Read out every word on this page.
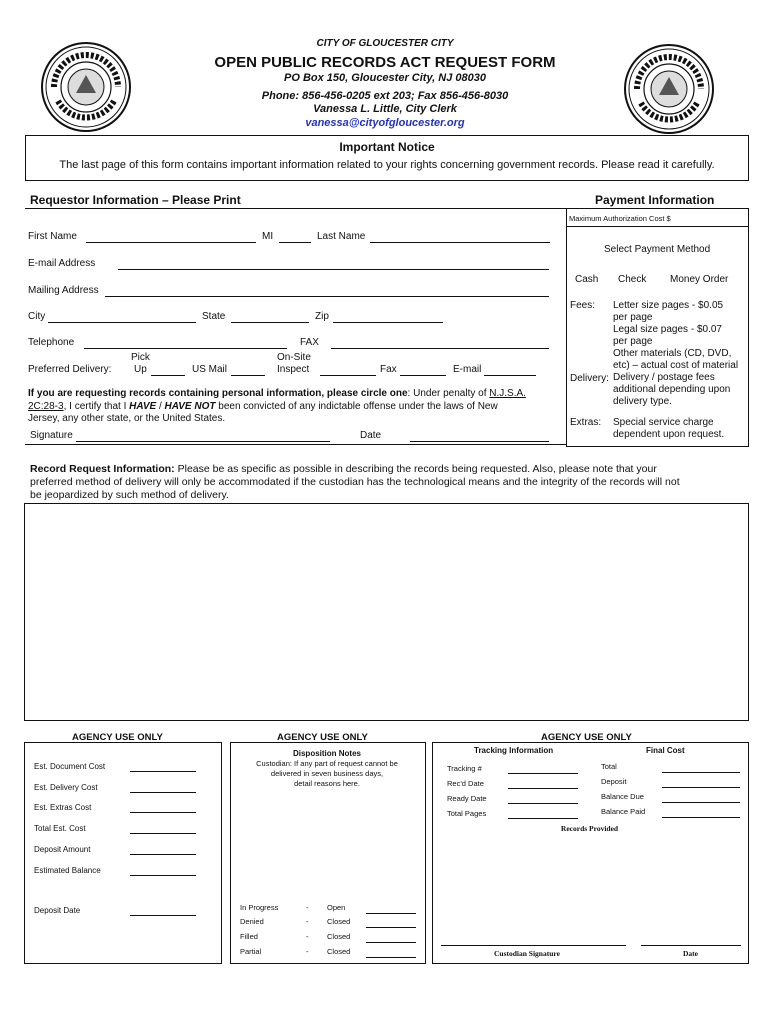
CITY OF GLOUCESTER CITY
OPEN PUBLIC RECORDS ACT REQUEST FORM
PO Box 150, Gloucester City, NJ 08030
Phone: 856-456-0205 ext 203; Fax 856-456-8030
Vanessa L. Little, City Clerk
vanessa@cityofgloucester.org
Important Notice
The last page of this form contains important information related to your rights concerning government records. Please read it carefully.
Requestor Information – Please Print
First Name	MI	Last Name
E-mail Address
Mailing Address
City	State	Zip
Telephone	FAX
Pick	On-Site
Preferred Delivery: Up	US Mail	Inspect	Fax	E-mail
If you are requesting records containing personal information, please circle one: Under penalty of N.J.S.A.
2C:28-3, I certify that I HAVE / HAVE NOT been convicted of any indictable offense under the laws of New
Jersey, any other state, or the United States.
Signature	Date
Payment Information
Maximum Authorization Cost $
Select Payment Method
Cash Check Money Order
Fees: Letter size pages - $0.05
per page
Legal size pages - $0.07
per page
Other materials (CD, DVD,
etc) – actual cost of material
Delivery: Delivery / postage fees
additional depending upon
delivery type.
Extras: Special service charge
dependent upon request.
Record Request Information: Please be as specific as possible in describing the records being requested. Also, please note that your
preferred method of delivery will only be accommodated if the custodian has the technological means and the integrity of the records will not
be jeopardized by such method of delivery.
AGENCY USE ONLY	AGENCY USE ONLY	AGENCY USE ONLY
Est. Document Cost
Est. Delivery Cost
Est. Extras Cost
Total Est. Cost
Deposit Amount
Estimated Balance
Deposit Date
Disposition Notes
Custodian: If any part of request cannot be
delivered in seven business days,
detail reasons here.
In Progress	- Open
Denied	- Closed
Filled	- Closed
Partial	- Closed
Tracking Information	Final Cost
Tracking #
Rec'd Date
Ready Date
Total Pages
Total
Deposit
Balance Due
Balance Paid
Records Provided
Custodian Signature	Date
